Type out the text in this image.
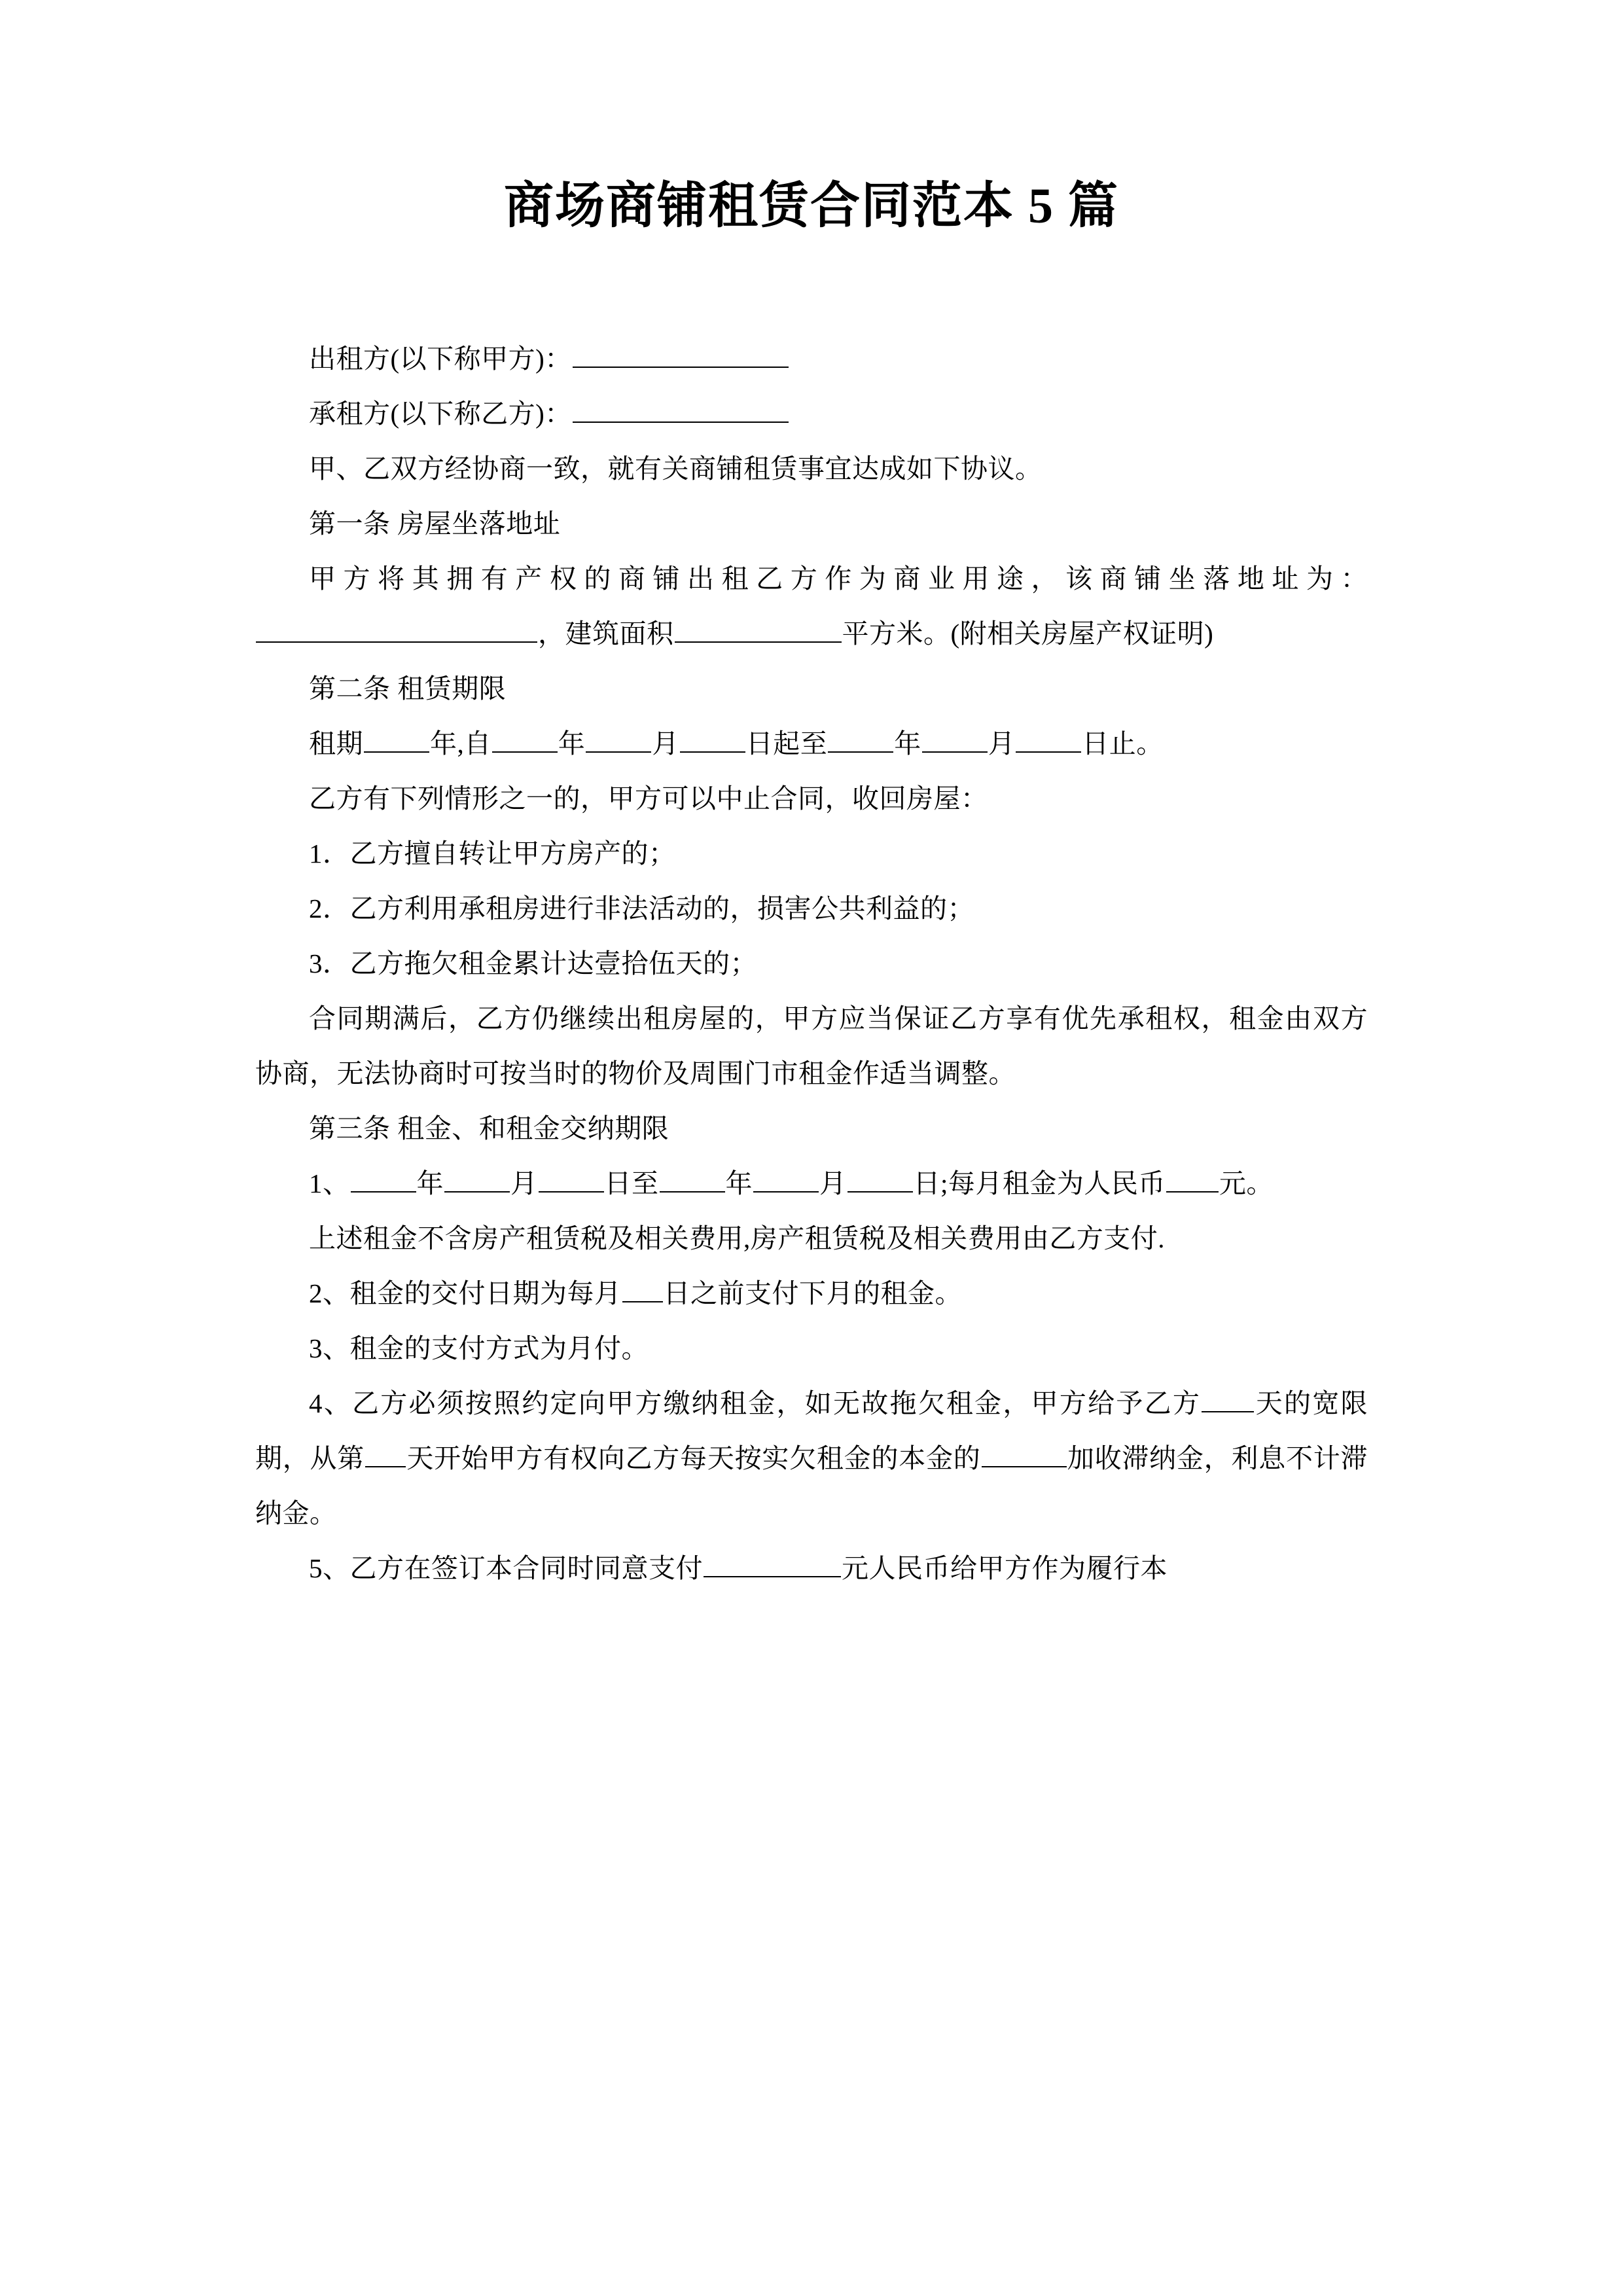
商场商铺租赁合同范本 5 篇

出租方(以下称甲方)：

承租方(以下称乙方)：

甲、乙双方经协商一致，就有关商铺租赁事宜达成如下协议。

第一条 房屋坐落地址

甲方将其拥有产权的商铺出租乙方作为商业用途，该商铺坐落地址为：，建筑面积	平方米。(附相关房屋产权证明)

第二条 租赁期限

租期 年,自 年 月 日起至 年 月 日止。

乙方有下列情形之一的，甲方可以中止合同，收回房屋：

1．乙方擅自转让甲方房产的；

2．乙方利用承租房进行非法活动的，损害公共利益的；

3．乙方拖欠租金累计达壹拾伍天的；

合同期满后，乙方仍继续出租房屋的，甲方应当保证乙方享有优先承租权，租金由双方协商，无法协商时可按当时的物价及周围门市租金作适当调整。

第三条 租金、和租金交纳期限

1、 年 月 日至 年 月 日;每月租金为人民币 元。

上述租金不含房产租赁税及相关费用,房产租赁税及相关费用由乙方支付.

2、租金的交付日期为每月 日之前支付下月的租金。

3、租金的支付方式为月付。

4、乙方必须按照约定向甲方缴纳租金，如无故拖欠租金，甲方给予乙方 天的宽限期，从第 天开始甲方有权向乙方每天按实欠租金的本金的	加收滞纳金，利息不计滞纳金。

5、乙方在签订本合同时同意支付	元人民币给甲方作为履行本
